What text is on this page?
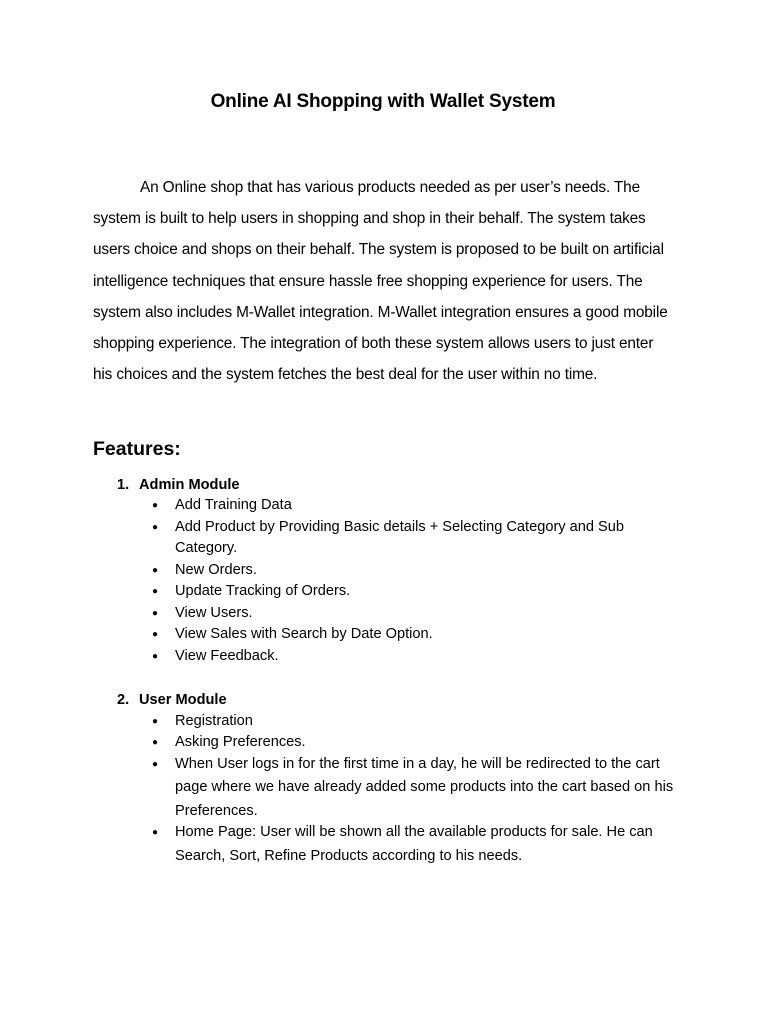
Online AI Shopping with Wallet System

An Online shop that has various products needed as per user’s needs. The system is built to help users in shopping and shop in their behalf. The system takes users choice and shops on their behalf. The system is proposed to be built on artificial intelligence techniques that ensure hassle free shopping experience for users. The system also includes M-Wallet integration. M-Wallet integration ensures a good mobile shopping experience. The integration of both these system allows users to just enter his choices and the system fetches the best deal for the user within no time.

Features:
1. Admin Module
● Add Training Data
● Add Product by Providing Basic details + Selecting Category and Sub Category.
● New Orders.
● Update Tracking of Orders.
● View Users.
● View Sales with Search by Date Option.
● View Feedback.
2. User Module
● Registration
● Asking Preferences.
● When User logs in for the first time in a day, he will be redirected to the cart page where we have already added some products into the cart based on his Preferences.
● Home Page: User will be shown all the available products for sale. He can Search, Sort, Refine Products according to his needs.
